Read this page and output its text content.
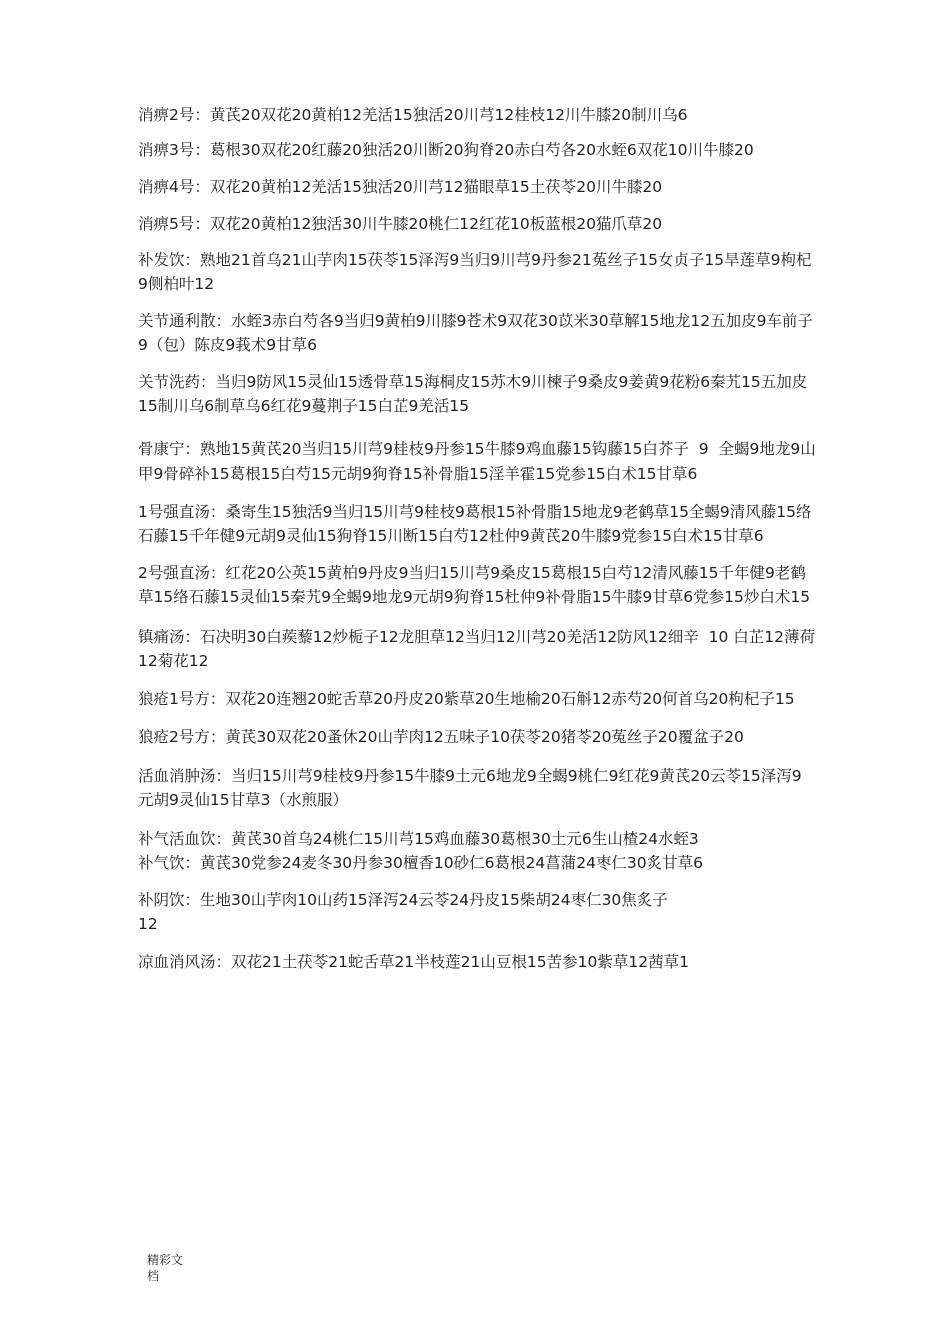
消痹2号：黄芪20双花20黄柏12羌活15独活20川芎12桂枝12川牛膝20制川乌6

消痹3号：葛根30双花20红藤20独活20川断20狗脊20赤白芍各20水蛭6双花10川牛膝20

消痹4号：双花20黄柏12羌活15独活20川芎12猫眼草15土茯苓20川牛膝20

消痹5号：双花20黄柏12独活30川牛膝20桃仁12红花10板蓝根20猫爪草20

补发饮：熟地21首乌21山芋肉15茯苓15泽泻9当归9川芎9丹参21菟丝子15女贞子15旱莲草9枸杞9侧柏叶12

关节通利散：水蛭3赤白芍各9当归9黄柏9川膝9苍术9双花30苡米30草解15地龙12五加皮9车前子9（包）陈皮9莪术9甘草6

关节洗药：当归9防风15灵仙15透骨草15海桐皮15苏木9川楝子9桑皮9姜黄9花粉6秦艽15五加皮15制川乌6制草乌6红花9蔓荆子15白芷9羌活15

骨康宁：熟地15黄芪20当归15川芎9桂枝9丹参15牛膝9鸡血藤15钩藤15白芥子  9  全蝎9地龙9山甲9骨碎补15葛根15白芍15元胡9狗脊15补骨脂15淫羊霍15党参15白术15甘草6

1号强直汤：桑寄生15独活9当归15川芎9桂枝9葛根15补骨脂15地龙9老鹤草15全蝎9清风藤15络石藤15千年健9元胡9灵仙15狗脊15川断15白芍12杜仲9黄芪20牛膝9党参15白术15甘草6

2号强直汤：红花20公英15黄柏9丹皮9当归15川芎9桑皮15葛根15白芍12清风藤15千年健9老鹤草15络石藤15灵仙15秦艽9全蝎9地龙9元胡9狗脊15杜仲9补骨脂15牛膝9甘草6党参15炒白术15

镇痛汤：石决明30白蒺藜12炒栀子12龙胆草12当归12川芎20羌活12防风12细辛  10 白芷12薄荷12菊花12

狼疮1号方：双花20连翘20蛇舌草20丹皮20紫草20生地榆20石斛12赤芍20何首乌20枸杞子15

狼疮2号方：黄芪30双花20蚤休20山芋肉12五味子10茯苓20猪苓20菟丝子20覆盆子20

活血消肿汤：当归15川芎9桂枝9丹参15牛膝9土元6地龙9全蝎9桃仁9红花9黄芪20云苓15泽泻9元胡9灵仙15甘草3（水煎服）

补气活血饮：黄芪30首乌24桃仁15川芎15鸡血藤30葛根30土元6生山楂24水蛭3
补气饮：黄芪30党参24麦冬30丹参30檀香10砂仁6葛根24菖蒲24枣仁30炙甘草6

补阴饮：生地30山芋肉10山药15泽泻24云苓24丹皮15柴胡24枣仁30焦炙子
12

凉血消风汤：双花21土茯苓21蛇舌草21半枝莲21山豆根15苦参10紫草12茜草1

精彩文
档
